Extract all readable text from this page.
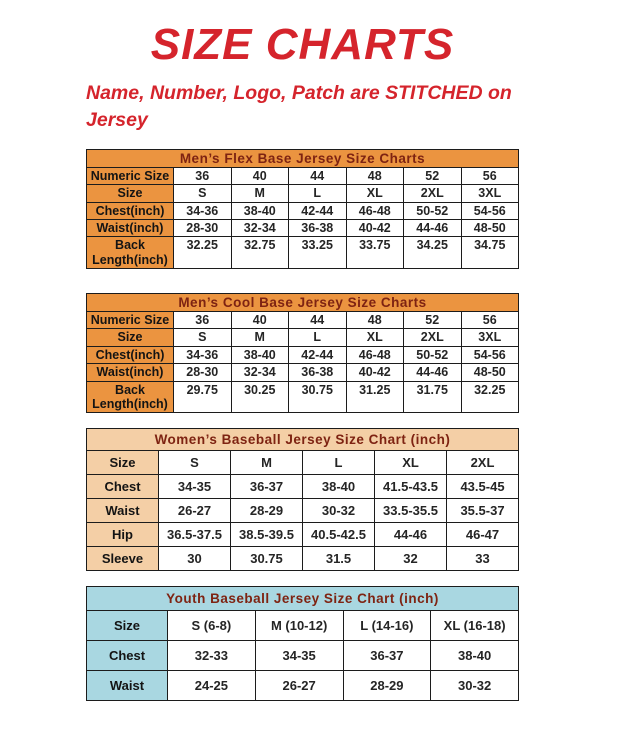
SIZE CHARTS

Name, Number, Logo, Patch are STITCHED on Jersey

Men’s Flex Base Jersey Size Charts						
Numeric Size	36	40	44	48	52	56
Size	S	M	L	XL	2XL	3XL
Chest(inch)	34-36	38-40	42-44	46-48	50-52	54-56
Waist(inch)	28-30	32-34	36-38	40-42	44-46	48-50
Back Length(inch)	32.25	32.75	33.25	33.75	34.25	34.75
Men’s Cool Base Jersey Size Charts						
Numeric Size	36	40	44	48	52	56
Size	S	M	L	XL	2XL	3XL
Chest(inch)	34-36	38-40	42-44	46-48	50-52	54-56
Waist(inch)	28-30	32-34	36-38	40-42	44-46	48-50
Back Length(inch)	29.75	30.25	30.75	31.25	31.75	32.25
Women’s Baseball Jersey Size Chart (inch)					
Size	S	M	L	XL	2XL
Chest	34-35	36-37	38-40	41.5-43.5	43.5-45
Waist	26-27	28-29	30-32	33.5-35.5	35.5-37
Hip	36.5-37.5	38.5-39.5	40.5-42.5	44-46	46-47
Sleeve	30	30.75	31.5	32	33
Youth Baseball Jersey Size Chart (inch)				
Size	S (6-8)	M (10-12)	L (14-16)	XL (16-18)
Chest	32-33	34-35	36-37	38-40
Waist	24-25	26-27	28-29	30-32
